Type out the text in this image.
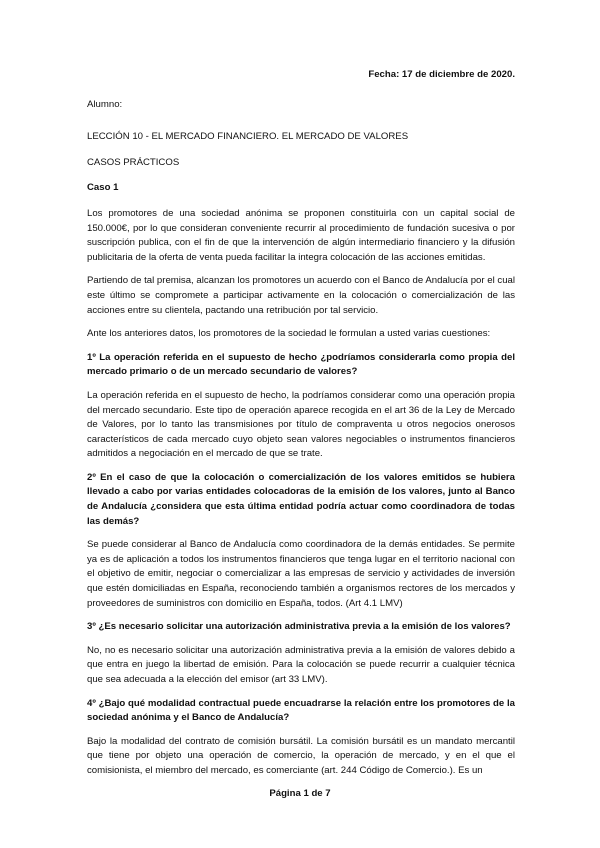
Fecha: 17 de diciembre de 2020.
Alumno:
LECCIÓN 10 - EL MERCADO FINANCIERO. EL MERCADO DE VALORES
CASOS PRÁCTICOS
Caso 1

Los promotores de una sociedad anónima se proponen constituirla con un capital social de 150.000€, por lo que consideran conveniente recurrir al procedimiento de fundación sucesiva o por suscripción publica, con el fin de que la intervención de algún intermediario financiero y la difusión publicitaria de la oferta de venta pueda facilitar la integra colocación de las acciones emitidas.

Partiendo de tal premisa, alcanzan los promotores un acuerdo con el Banco de Andalucía por el cual este último se compromete a participar activamente en la colocación o comercialización de las acciones entre su clientela, pactando una retribución por tal servicio.

Ante los anteriores datos, los promotores de la sociedad le formulan a usted varias cuestiones:

1º La operación referida en el supuesto de hecho ¿podríamos considerarla como propia del mercado primario o de un mercado secundario de valores?

La operación referida en el supuesto de hecho, la podríamos considerar como una operación propia del mercado secundario. Este tipo de operación aparece recogida en el art 36 de la Ley de Mercado de Valores, por lo tanto las transmisiones por título de compraventa u otros negocios onerosos característicos de cada mercado cuyo objeto sean valores negociables o instrumentos financieros admitidos a negociación en el mercado de que se trate.

2º En el caso de que la colocación o comercialización de los valores emitidos se hubiera llevado a cabo por varias entidades colocadoras de la emisión de los valores, junto al Banco de Andalucía ¿considera que esta última entidad podría actuar como coordinadora de todas las demás?

Se puede considerar al Banco de Andalucía como coordinadora de la demás entidades. Se permite ya es de aplicación a todos los instrumentos financieros que tenga lugar en el territorio nacional con el objetivo de emitir, negociar o comercializar a las empresas de servicio y actividades de inversión que estén domiciliadas en España, reconociendo también a organismos rectores de los mercados y proveedores de suministros con domicilio en España, todos. (Art 4.1 LMV)

3º ¿Es necesario solicitar una autorización administrativa previa a la emisión de los valores?

No, no es necesario solicitar una autorización administrativa previa a la emisión de valores debido a que entra en juego la libertad de emisión. Para la colocación se puede recurrir a cualquier técnica que sea adecuada a la elección del emisor (art 33 LMV).

4º ¿Bajo qué modalidad contractual puede encuadrarse la relación entre los promotores de la sociedad anónima y el Banco de Andalucía?

Bajo la modalidad del contrato de comisión bursátil. La comisión bursátil es un mandato mercantil que tiene por objeto una operación de comercio, la operación de mercado, y en el que el comisionista, el miembro del mercado, es comerciante (art. 244 Código de Comercio.). Es un

Página 1 de 7
